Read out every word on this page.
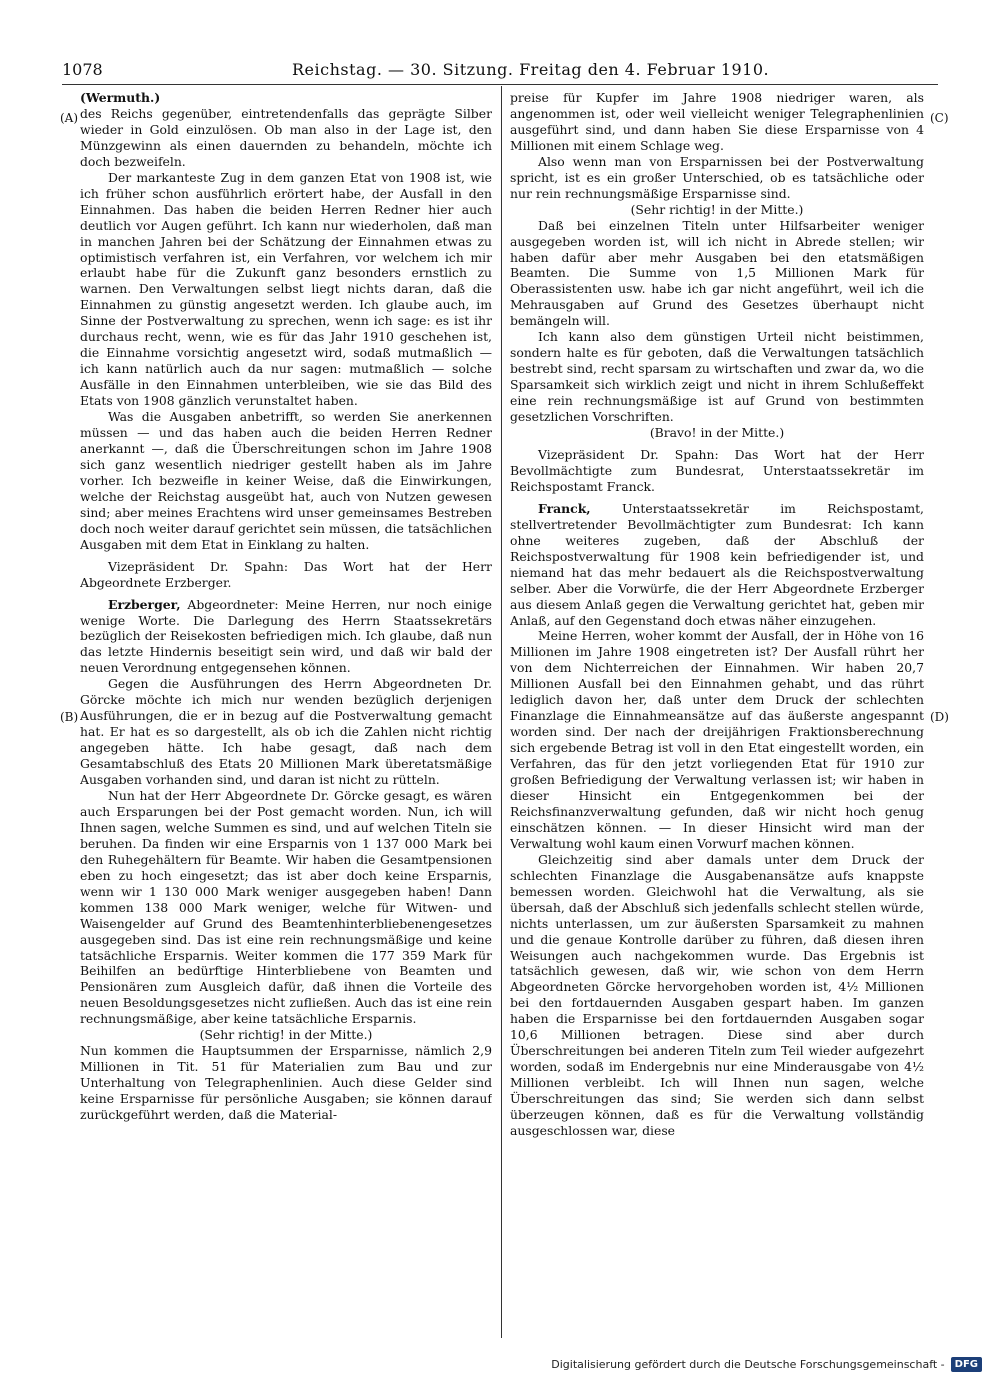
1078	Reichstag. — 30. Sitzung. Freitag den 4. Februar 1910.
(A)
(B)
(C)
(D)

(Wermuth.)

des Reichs gegenüber, eintretendenfalls das geprägte Silber wieder in Gold einzulösen. Ob man also in der Lage ist, den Münzgewinn als einen dauernden zu behandeln, möchte ich doch bezweifeln.

Der markanteste Zug in dem ganzen Etat von 1908 ist, wie ich früher schon ausführlich erörtert habe, der Ausfall in den Einnahmen. Das haben die beiden Herren Redner hier auch deutlich vor Augen geführt. Ich kann nur wiederholen, daß man in manchen Jahren bei der Schätzung der Einnahmen etwas zu optimistisch verfahren ist, ein Verfahren, vor welchem ich mir erlaubt habe für die Zukunft ganz besonders ernstlich zu warnen. Den Verwaltungen selbst liegt nichts daran, daß die Einnahmen zu günstig angesetzt werden. Ich glaube auch, im Sinne der Postverwaltung zu sprechen, wenn ich sage: es ist ihr durchaus recht, wenn, wie es für das Jahr 1910 geschehen ist, die Einnahme vorsichtig angesetzt wird, sodaß mutmaßlich — ich kann natürlich auch da nur sagen: mutmaßlich — solche Ausfälle in den Einnahmen unterbleiben, wie sie das Bild des Etats von 1908 gänzlich verunstaltet haben.

Was die Ausgaben anbetrifft, so werden Sie anerkennen müssen — und das haben auch die beiden Herren Redner anerkannt —, daß die Überschreitungen schon im Jahre 1908 sich ganz wesentlich niedriger gestellt haben als im Jahre vorher. Ich bezweifle in keiner Weise, daß die Einwirkungen, welche der Reichstag ausgeübt hat, auch von Nutzen gewesen sind; aber meines Erachtens wird unser gemeinsames Bestreben doch noch weiter darauf gerichtet sein müssen, die tatsächlichen Ausgaben mit dem Etat in Einklang zu halten.

Vizepräsident Dr. Spahn: Das Wort hat der Herr Abgeordnete Erzberger.

Erzberger, Abgeordneter: Meine Herren, nur noch einige wenige Worte. Die Darlegung des Herrn Staatssekretärs bezüglich der Reisekosten befriedigen mich. Ich glaube, daß nun das letzte Hindernis beseitigt sein wird, und daß wir bald der neuen Verordnung entgegensehen können.

Gegen die Ausführungen des Herrn Abgeordneten Dr. Görcke möchte ich mich nur wenden bezüglich derjenigen Ausführungen, die er in bezug auf die Postverwaltung gemacht hat. Er hat es so dargestellt, als ob ich die Zahlen nicht richtig angegeben hätte. Ich habe gesagt, daß nach dem Gesamtabschluß des Etats 20 Millionen Mark überetatsmäßige Ausgaben vorhanden sind, und daran ist nicht zu rütteln.

Nun hat der Herr Abgeordnete Dr. Görcke gesagt, es wären auch Ersparungen bei der Post gemacht worden. Nun, ich will Ihnen sagen, welche Summen es sind, und auf welchen Titeln sie beruhen. Da finden wir eine Ersparnis von 1 137 000 Mark bei den Ruhegehältern für Beamte. Wir haben die Gesamtpensionen eben zu hoch eingesetzt; das ist aber doch keine Ersparnis, wenn wir 1 130 000 Mark weniger ausgegeben haben! Dann kommen 138 000 Mark weniger, welche für Witwen- und Waisengelder auf Grund des Beamtenhinterbliebenengesetzes ausgegeben sind. Das ist eine rein rechnungsmäßige und keine tatsächliche Ersparnis. Weiter kommen die 177 359 Mark für Beihilfen an bedürftige Hinterbliebene von Beamten und Pensionären zum Ausgleich dafür, daß ihnen die Vorteile des neuen Besoldungsgesetzes nicht zufließen. Auch das ist eine rein rechnungsmäßige, aber keine tatsächliche Ersparnis.

(Sehr richtig! in der Mitte.)

Nun kommen die Hauptsummen der Ersparnisse, nämlich 2,9 Millionen in Tit. 51 für Materialien zum Bau und zur Unterhaltung von Telegraphenlinien. Auch diese Gelder sind keine Ersparnisse für persönliche Ausgaben; sie können darauf zurückgeführt werden, daß die Material-

preise für Kupfer im Jahre 1908 niedriger waren, als angenommen ist, oder weil vielleicht weniger Telegraphenlinien ausgeführt sind, und dann haben Sie diese Ersparnisse von 4 Millionen mit einem Schlage weg.

Also wenn man von Ersparnissen bei der Postverwaltung spricht, ist es ein großer Unterschied, ob es tatsächliche oder nur rein rechnungsmäßige Ersparnisse sind.

(Sehr richtig! in der Mitte.)

Daß bei einzelnen Titeln unter Hilfsarbeiter weniger ausgegeben worden ist, will ich nicht in Abrede stellen; wir haben dafür aber mehr Ausgaben bei den etatsmäßigen Beamten. Die Summe von 1,5 Millionen Mark für Oberassistenten usw. habe ich gar nicht angeführt, weil ich die Mehrausgaben auf Grund des Gesetzes überhaupt nicht bemängeln will.

Ich kann also dem günstigen Urteil nicht beistimmen, sondern halte es für geboten, daß die Verwaltungen tatsächlich bestrebt sind, recht sparsam zu wirtschaften und zwar da, wo die Sparsamkeit sich wirklich zeigt und nicht in ihrem Schlußeffekt eine rein rechnungsmäßige ist auf Grund von bestimmten gesetzlichen Vorschriften.

(Bravo! in der Mitte.)

Vizepräsident Dr. Spahn: Das Wort hat der Herr Bevollmächtigte zum Bundesrat, Unterstaatssekretär im Reichspostamt Franck.

Franck,	Unterstaatssekretär im Reichspostamt, stellvertretender Bevollmächtigter zum Bundesrat: Ich kann ohne weiteres zugeben, daß der Abschluß der Reichspostverwaltung für 1908 kein befriedigender ist, und niemand hat das mehr bedauert als die Reichspostverwaltung selber. Aber die Vorwürfe, die der Herr Abgeordnete Erzberger aus diesem Anlaß gegen die Verwaltung gerichtet hat, geben mir Anlaß, auf den Gegenstand doch etwas näher einzugehen.

Meine Herren, woher kommt der Ausfall, der in Höhe von 16 Millionen im Jahre 1908 eingetreten ist? Der Ausfall rührt her von dem Nichterreichen der Einnahmen. Wir haben 20,7 Millionen Ausfall bei den Einnahmen gehabt, und das rührt lediglich davon her, daß unter dem Druck der schlechten Finanzlage die Einnahmeansätze auf das äußerste angespannt worden sind. Der nach der dreijährigen Fraktionsberechnung sich ergebende Betrag ist voll in den Etat eingestellt worden, ein Verfahren, das für den jetzt vorliegenden Etat für 1910 zur großen Befriedigung der Verwaltung verlassen ist; wir haben in dieser Hinsicht ein Entgegenkommen bei der Reichsfinanzverwaltung gefunden, daß wir nicht hoch genug einschätzen können. — In dieser Hinsicht wird man der Verwaltung wohl kaum einen Vorwurf machen können.

Gleichzeitig sind aber damals unter dem Druck der schlechten Finanzlage die Ausgabenansätze aufs knappste bemessen worden. Gleichwohl hat die Verwaltung, als sie übersah, daß der Abschluß sich jedenfalls schlecht stellen würde, nichts unterlassen, um zur äußersten Sparsamkeit zu mahnen und die genaue Kontrolle darüber zu führen, daß diesen ihren Weisungen auch nachgekommen wurde. Das Ergebnis ist tatsächlich gewesen, daß wir, wie schon von dem Herrn Abgeordneten Görcke hervorgehoben worden ist, 4½ Millionen bei den fortdauernden Ausgaben gespart haben. Im ganzen haben die Ersparnisse bei den fortdauernden Ausgaben sogar 10,6 Millionen betragen. Diese sind aber durch Überschreitungen bei anderen Titeln zum Teil wieder aufgezehrt worden, sodaß im Endergebnis nur eine Minderausgabe von 4½ Millionen verbleibt. Ich will Ihnen nun sagen, welche Überschreitungen das sind; Sie werden sich dann selbst überzeugen können, daß es für die Verwaltung vollständig ausgeschlossen war, diese

Digitalisierung gefördert durch die Deutsche Forschungsgemeinschaft -	DFG
